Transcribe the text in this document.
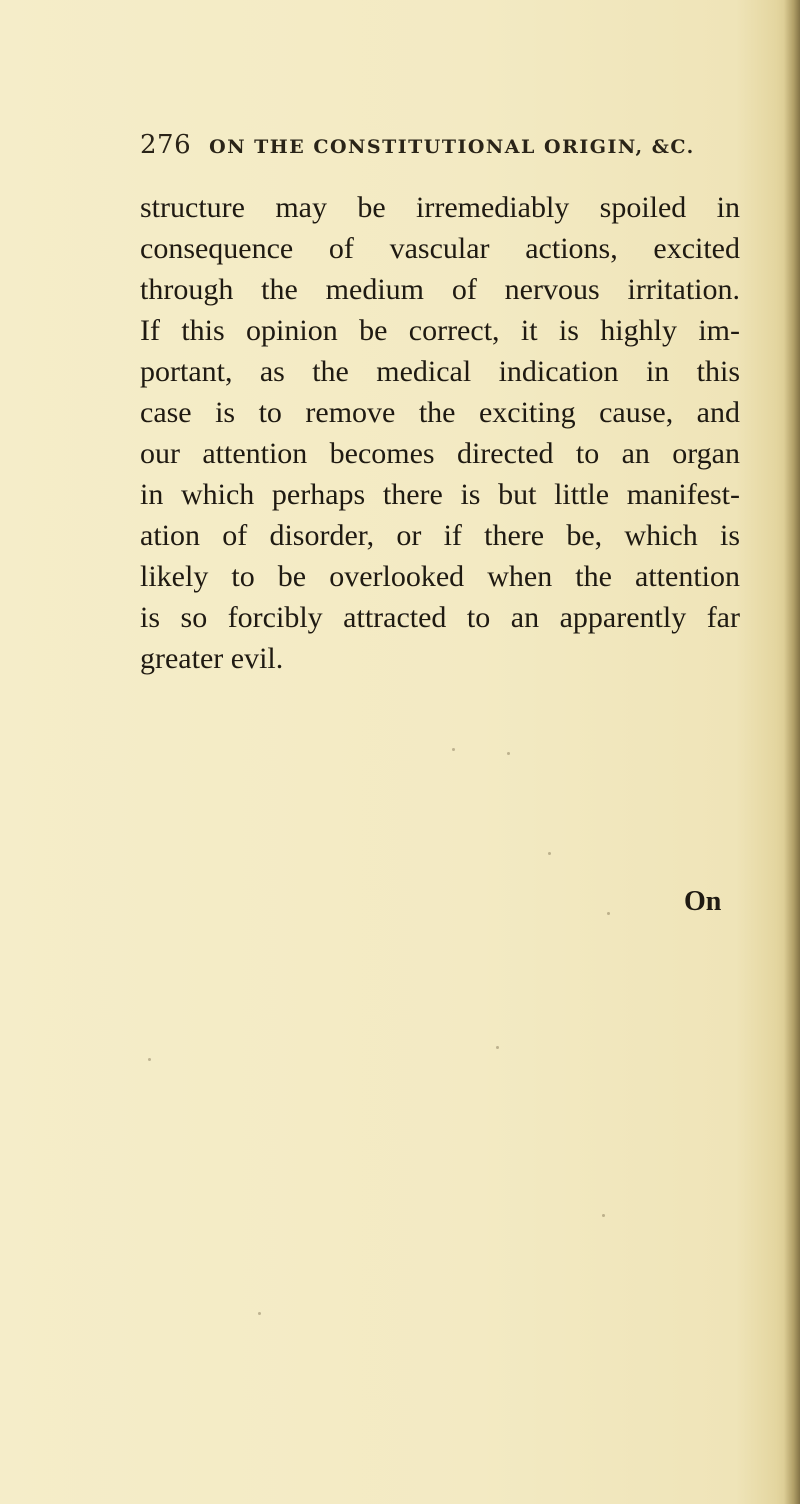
276 ON THE CONSTITUTIONAL ORIGIN, &C.
structure may be irremediably spoiled in
consequence of vascular actions, excited
through the medium of nervous irritation.
If this opinion be correct, it is highly im-
portant, as the medical indication in this
case is to remove the exciting cause, and
our attention becomes directed to an organ
in which perhaps there is but little manifest-
ation of disorder, or if there be, which is
likely to be overlooked when the attention
is so forcibly attracted to an apparently far
greater evil.
On
